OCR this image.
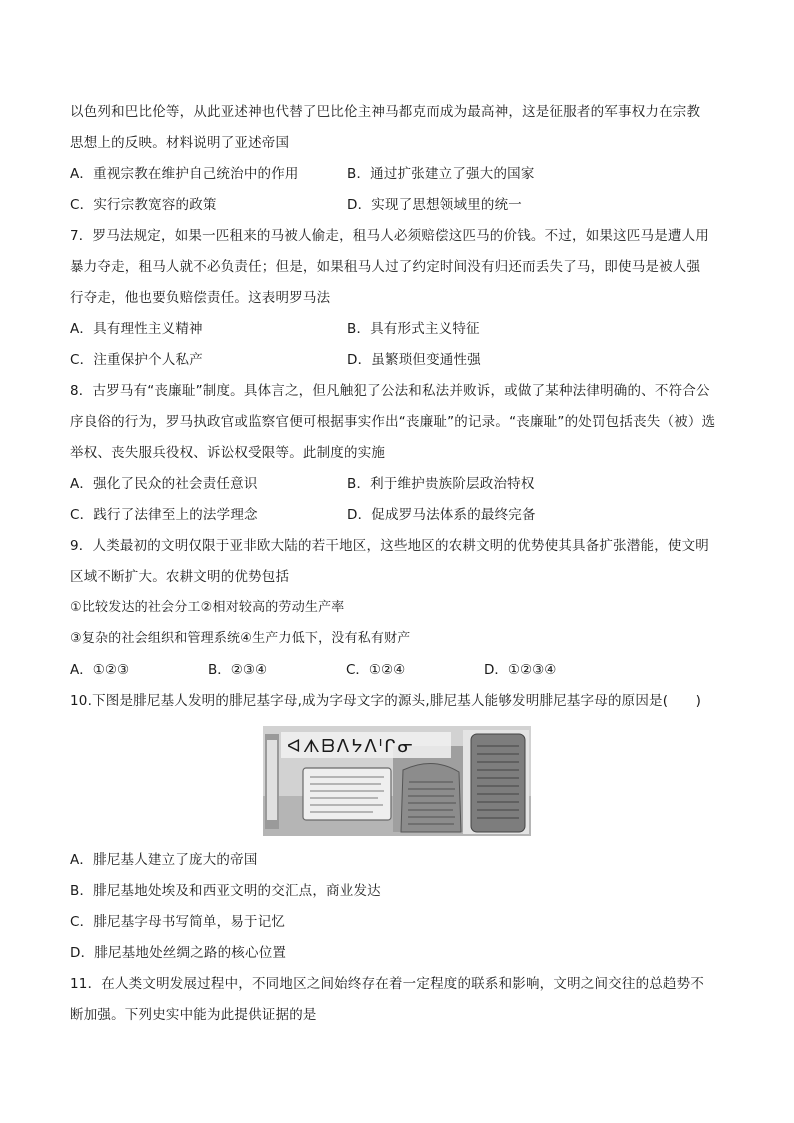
以色列和巴比伦等，从此亚述神也代替了巴比伦主神马都克而成为最高神，这是征服者的军事权力在宗教
思想上的反映。材料说明了亚述帝国
A．重视宗教在维护自己统治中的作用	B．通过扩张建立了强大的国家
C．实行宗教宽容的政策	D．实现了思想领域里的统一
7．罗马法规定，如果一匹租来的马被人偷走，租马人必须赔偿这匹马的价钱。不过，如果这匹马是遭人用
暴力夺走，租马人就不必负责任；但是，如果租马人过了约定时间没有归还而丢失了马，即使马是被人强
行夺走，他也要负赔偿责任。这表明罗马法
A．具有理性主义精神	B．具有形式主义特征
C．注重保护个人私产	D．虽繁琐但变通性强
8．古罗马有“丧廉耻”制度。具体言之，但凡触犯了公法和私法并败诉，或做了某种法律明确的、不符合公
序良俗的行为，罗马执政官或监察官便可根据事实作出“丧廉耻”的记录。“丧廉耻”的处罚包括丧失（被）选
举权、丧失服兵役权、诉讼权受限等。此制度的实施
A．强化了民众的社会责任意识	B．利于维护贵族阶层政治特权
C．践行了法律至上的法学理念	D．促成罗马法体系的最终完备
9．人类最初的文明仅限于亚非欧大陆的若干地区，这些地区的农耕文明的优势使其具备扩张潜能，使文明
区域不断扩大。农耕文明的优势包括
①比较发达的社会分工②相对较高的劳动生产率
③复杂的社会组织和管理系统④生产力低下，没有私有财产
A．①②③	B．②③④	C．①②④	D．①②③④
10.下图是腓尼基人发明的腓尼基字母,成为字母文字的源头,腓尼基人能够发明腓尼基字母的原因是(　　)
ᐊᗑᗷᐱᔭᐱᑊᒋᓂ
A．腓尼基人建立了庞大的帝国
B．腓尼基地处埃及和西亚文明的交汇点，商业发达
C．腓尼基字母书写简单，易于记忆
D．腓尼基地处丝绸之路的核心位置
11．在人类文明发展过程中，不同地区之间始终存在着一定程度的联系和影响，文明之间交往的总趋势不
断加强。下列史实中能为此提供证据的是
